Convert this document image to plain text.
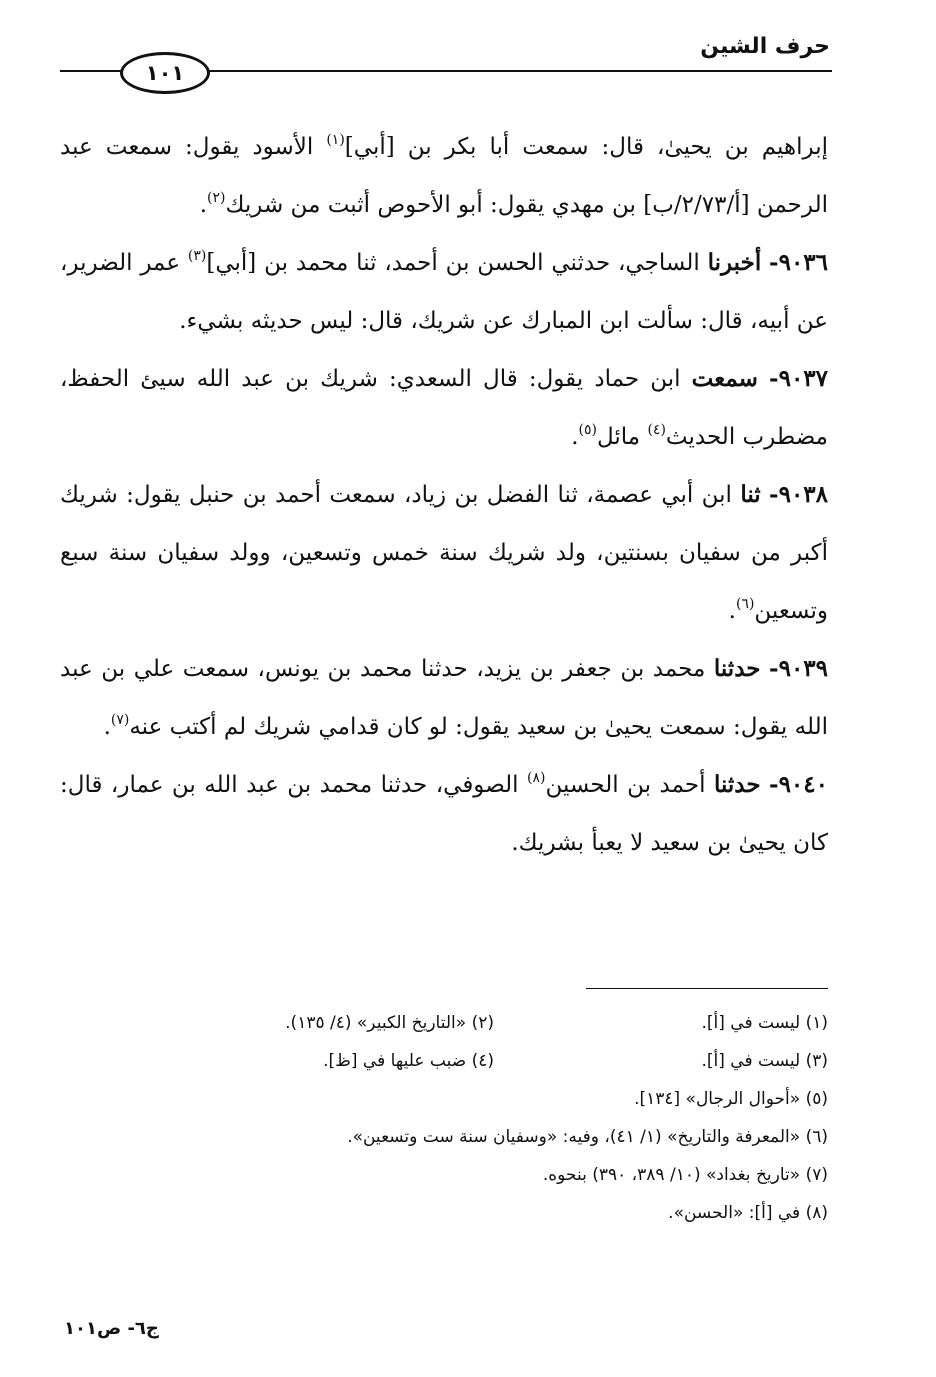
حرف الشين
١٠١

إبراهيم بن يحيىٰ، قال: سمعت أبا بكر بن [أبي]$^{(١)}$ الأسود يقول: سمعت عبد الرحمن [أ/٢/٧٣/ب] بن مهدي يقول: أبو الأحوص أثبت من شريك$^{(٢)}$.

٩٠٣٦- أخبرنا الساجي، حدثني الحسن بن أحمد، ثنا محمد بن [أبي]$^{(٣)}$ عمر الضرير، عن أبيه، قال: سألت ابن المبارك عن شريك، قال: ليس حديثه بشيء.

٩٠٣٧- سمعت ابن حماد يقول: قال السعدي: شريك بن عبد الله سيئ الحفظ، مضطرب الحديث$^{(٤)}$ مائل$^{(٥)}$.

٩٠٣٨- ثنا ابن أبي عصمة، ثنا الفضل بن زياد، سمعت أحمد بن حنبل يقول: شريك أكبر من سفيان بسنتين، ولد شريك سنة خمس وتسعين، وولد سفيان سنة سبع وتسعين$^{(٦)}$.

٩٠٣٩- حدثنا محمد بن جعفر بن يزيد، حدثنا محمد بن يونس، سمعت علي بن عبد الله يقول: سمعت يحيىٰ بن سعيد يقول: لو كان قدامي شريك لم أكتب عنه$^{(٧)}$.

٩٠٤٠- حدثنا أحمد بن الحسين$^{(٨)}$ الصوفي، حدثنا محمد بن عبد الله بن عمار، قال: كان يحيىٰ بن سعيد لا يعبأ بشريك.

(١) ليست في [أ].
(٢) «التاريخ الكبير» (٤/ ١٣٥).
(٣) ليست في [أ].
(٤) ضبب عليها في [ظ].
(٥) «أحوال الرجال» [١٣٤].
(٦) «المعرفة والتاريخ» (١/ ٤١)، وفيه: «وسفيان سنة ست وتسعين».
(٧) «تاريخ بغداد» (١٠/ ٣٨٩، ٣٩٠) بنحوه.
(٨) في [أ]: «الحسن».
ج٦- ص١٠١
